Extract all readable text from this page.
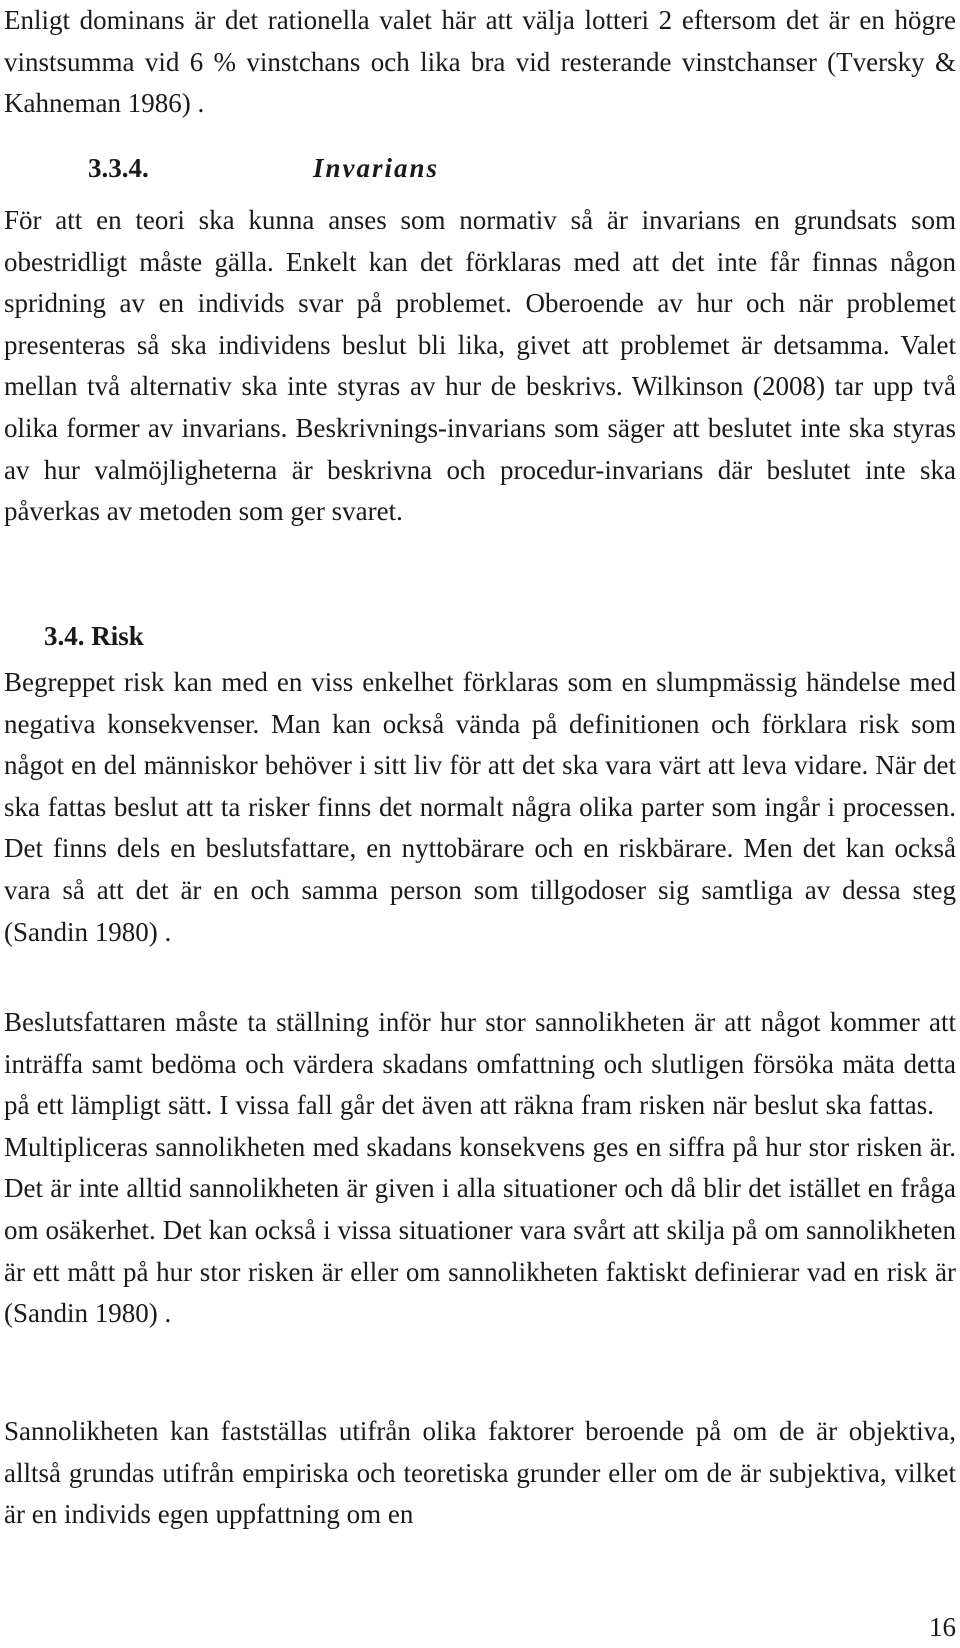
Enligt dominans är det rationella valet här att välja lotteri 2 eftersom det är en högre vinstsumma vid 6 % vinstchans och lika bra vid resterande vinstchanser (Tversky & Kahneman 1986) .

3.3.4.	Invarians

För att en teori ska kunna anses som normativ så är invarians en grundsats som obestridligt måste gälla. Enkelt kan det förklaras med att det inte får finnas någon spridning av en individs svar på problemet. Oberoende av hur och när problemet presenteras så ska individens beslut bli lika, givet att problemet är detsamma. Valet mellan två alternativ ska inte styras av hur de beskrivs. Wilkinson (2008) tar upp två olika former av invarians. Beskrivnings-invarians som säger att beslutet inte ska styras av hur valmöjligheterna är beskrivna och procedur-invarians där beslutet inte ska påverkas av metoden som ger svaret.

3.4. Risk

Begreppet risk kan med en viss enkelhet förklaras som en slumpmässig händelse med negativa konsekvenser. Man kan också vända på definitionen och förklara risk som något en del människor behöver i sitt liv för att det ska vara värt att leva vidare. När det ska fattas beslut att ta risker finns det normalt några olika parter som ingår i processen. Det finns dels en beslutsfattare, en nyttobärare och en riskbärare. Men det kan också vara så att det är en och samma person som tillgodoser sig samtliga av dessa steg (Sandin 1980) .

Beslutsfattaren måste ta ställning inför hur stor sannolikheten är att något kommer att inträffa samt bedöma och värdera skadans omfattning och slutligen försöka mäta detta på ett lämpligt sätt. I vissa fall går det även att räkna fram risken när beslut ska fattas.Multipliceras sannolikheten med skadans konsekvens ges en siffra på hur stor risken är. Det är inte alltid sannolikheten är given i alla situationer och då blir det istället en fråga om osäkerhet. Det kan också i vissa situationer vara svårt att skilja på om sannolikheten är ett mått på hur stor risken är eller om sannolikheten faktiskt definierar vad en risk är (Sandin 1980) .

Sannolikheten kan fastställas utifrån olika faktorer beroende på om de är objektiva, alltså grundas utifrån empiriska och teoretiska grunder eller om de är subjektiva, vilket är en individs egen uppfattning om en

16
